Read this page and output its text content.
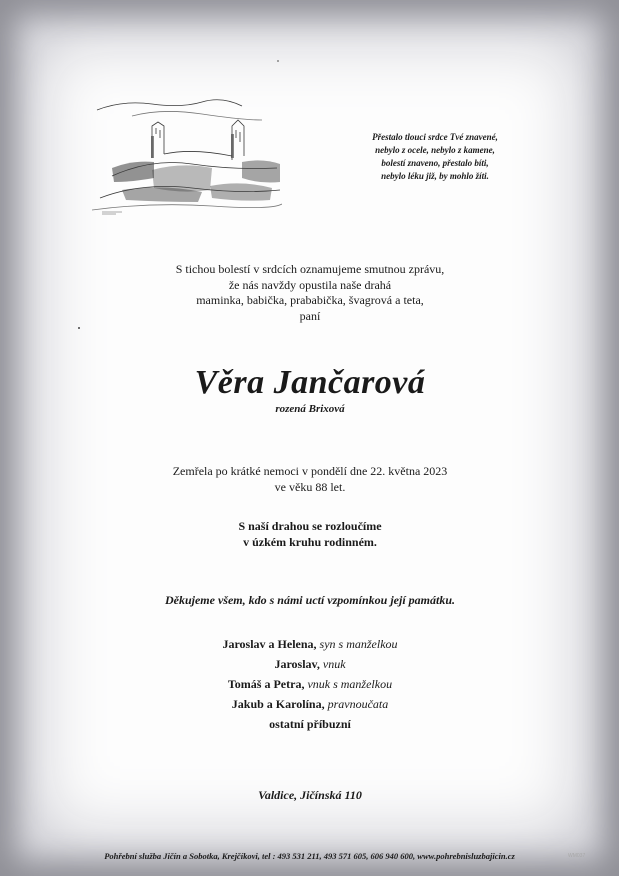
Přestalo tlouci srdce Tvé znavené,
nebylo z ocele, nebylo z kamene,
bolestí znaveno, přestalo bíti,
nebylo léku již, by mohlo žíti.
S tichou bolestí v srdcích oznamujeme smutnou zprávu,
že nás navždy opustila naše drahá
maminka, babička, prababička, švagrová a teta,
paní
Věra Jančarová
rozená Brixová
Zemřela po krátké nemoci v pondělí dne 22. května 2023
ve věku 88 let.
S naší drahou se rozloučíme
v úzkém kruhu rodinném.
Děkujeme všem, kdo s námi uctí vzpomínkou její památku.
Jaroslav a Helena, syn s manželkou
Jaroslav, vnuk
Tomáš a Petra, vnuk s manželkou
Jakub a Karolína, pravnoučata
ostatní příbuzní
Valdice, Jičínská 110
Pohřební služba Jičín a Sobotka, Krejčíkovi, tel : 493 531 211, 493 571 605, 606 940 600, www.pohrebnisluzbajicin.cz	WM037
